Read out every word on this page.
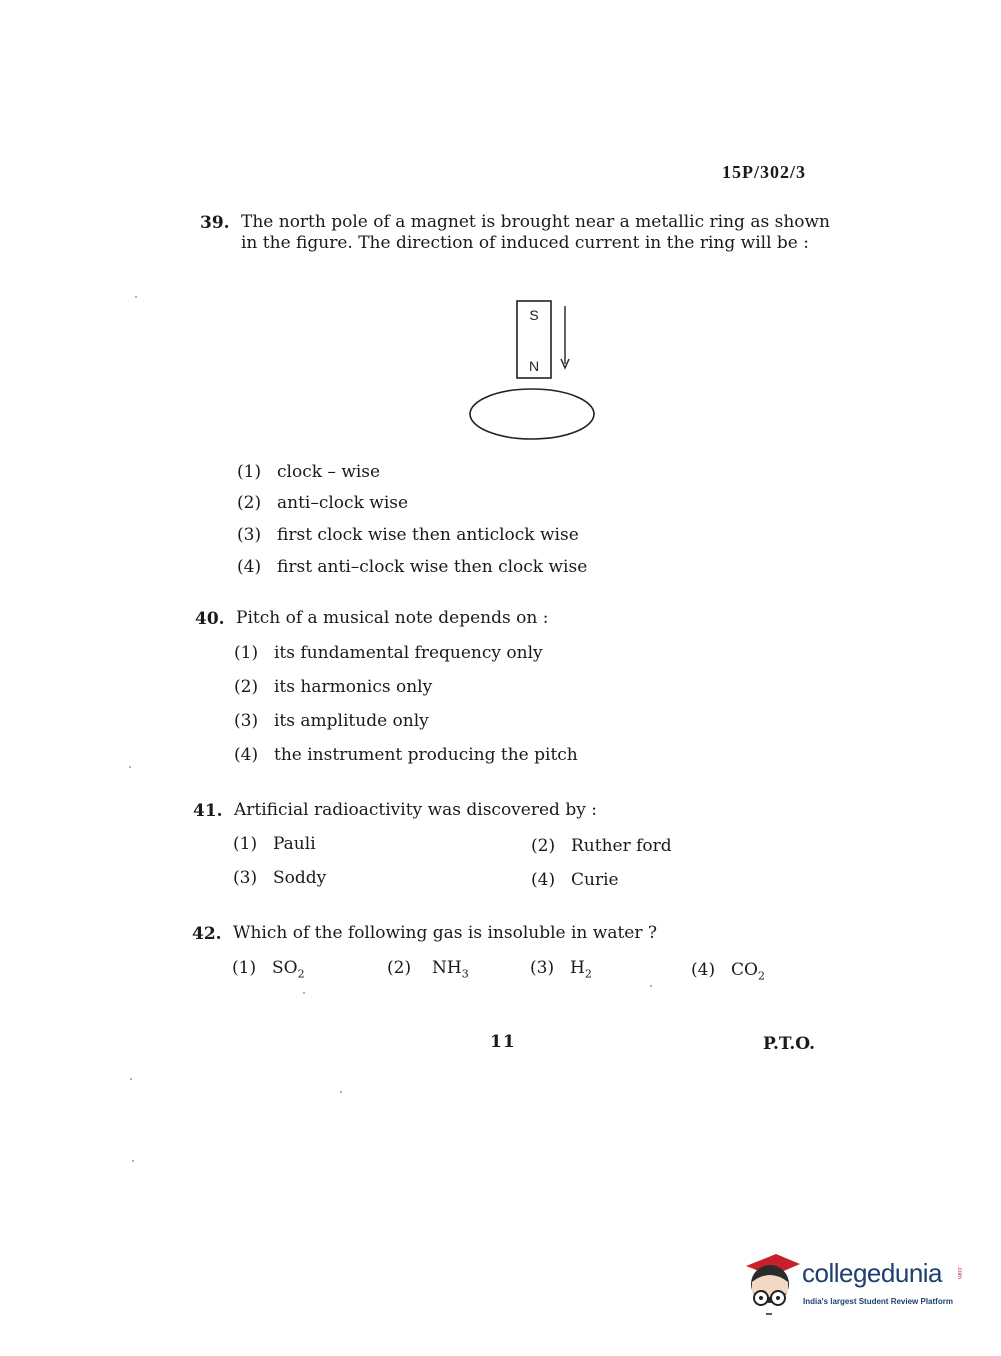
15P/302/3
39. The north pole of a magnet is brought near a metallic ring as shown in the figure. The direction of induced current in the ring will be :
S
N
(1) clock – wise
(2) anti–clock wise
(3) first clock wise then anticlock wise
(4) first anti–clock wise then clock wise
40. Pitch of a musical note depends on :
(1) its fundamental frequency only
(2) its harmonics only
(3) its amplitude only
(4) the instrument producing the pitch
41. Artificial radioactivity was discovered by :
(1) Pauli	(2) Ruther ford
(3) Soddy	(4) Curie
42. Which of the following gas is insoluble in water ?
(1) $SO_2$	(2) $NH_3$	(3) $H_2$	(4) $CO_2$
11	P.T.O.
collegedunia .com
India's largest Student Review Platform
